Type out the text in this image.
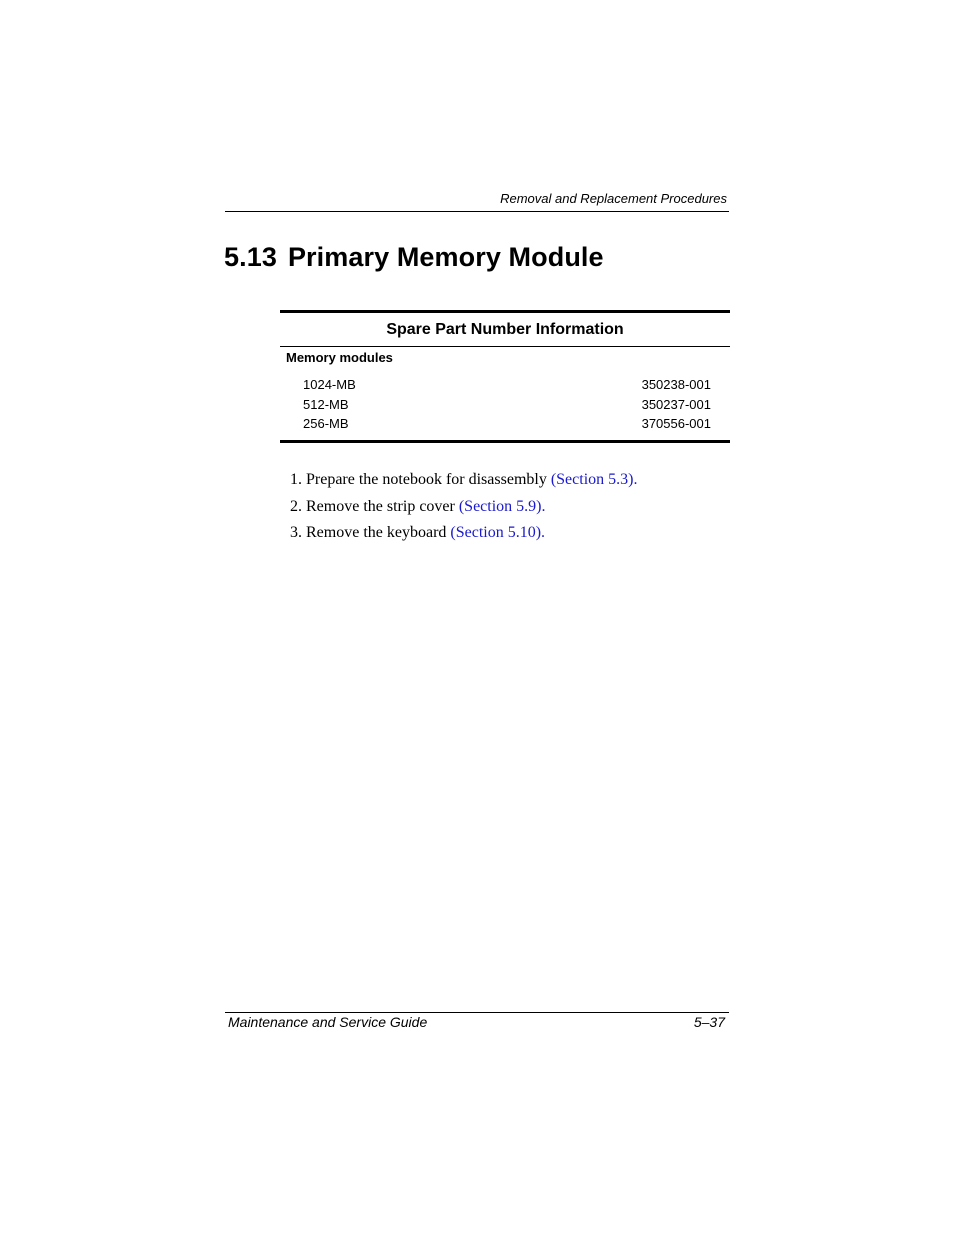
Removal and Replacement Procedures
5.13 Primary Memory Module
Spare Part Number Information
Memory modules
1024-MB	350238-001
512-MB	350237-001
256-MB	370556-001
1. Prepare the notebook for disassembly (Section 5.3).
2. Remove the strip cover (Section 5.9).
3. Remove the keyboard (Section 5.10).
Maintenance and Service Guide	5–37
